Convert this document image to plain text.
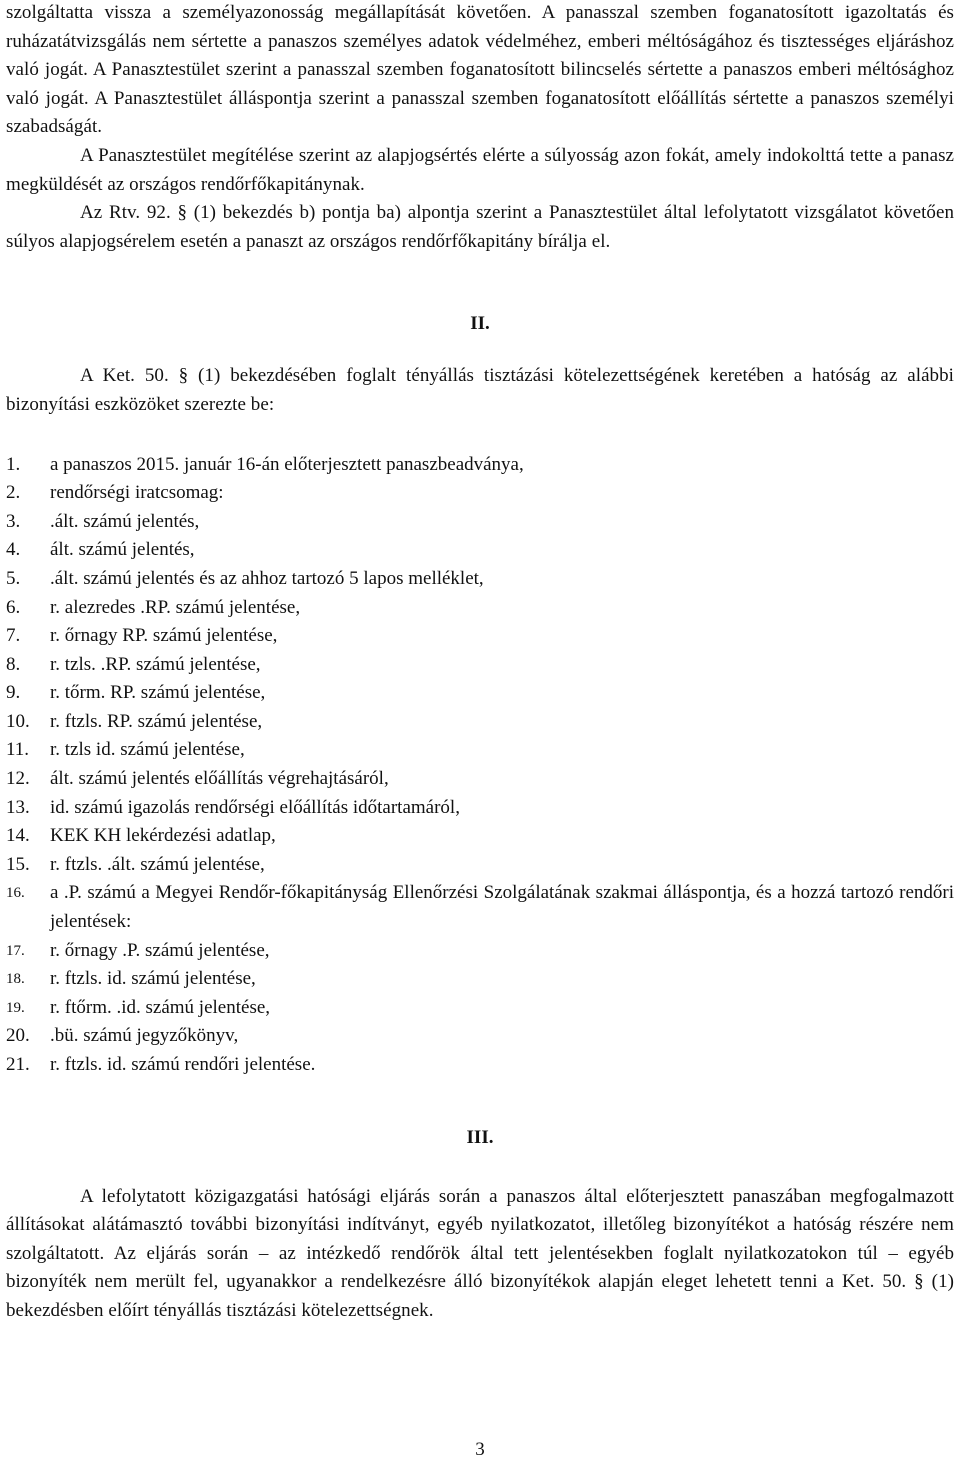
szolgáltatta vissza a személyazonosság megállapítását követően. A panasszal szemben foganatosított igazoltatás és ruházatátvizsgálás nem sértette a panaszos személyes adatok védelméhez, emberi méltóságához és tisztességes eljáráshoz való jogát. A Panasztestület szerint a panasszal szemben foganatosított bilincselés sértette a panaszos emberi méltósághoz való jogát. A Panasztestület álláspontja szerint a panasszal szemben foganatosított előállítás sértette a panaszos személyi szabadságát.

A Panasztestület megítélése szerint az alapjogsértés elérte a súlyosság azon fokát, amely indokolttá tette a panasz megküldését az országos rendőrfőkapitánynak.

Az Rtv. 92. § (1) bekezdés b) pontja ba) alpontja szerint a Panasztestület által lefolytatott vizsgálatot követően súlyos alapjogsérelem esetén a panaszt az országos rendőrfőkapitány bírálja el.

II.

A Ket. 50. § (1) bekezdésében foglalt tényállás tisztázási kötelezettségének keretében a hatóság az alábbi bizonyítási eszközöket szerezte be:

1. a panaszos 2015. január 16-án előterjesztett panaszbeadványa,
2. rendőrségi iratcsomag:
3. .ált. számú jelentés,
4. ált. számú jelentés,
5. .ált. számú jelentés és az ahhoz tartozó 5 lapos melléklet,
6. r. alezredes .RP. számú jelentése,
7. r. őrnagy RP. számú jelentése,
8. r. tzls. .RP. számú jelentése,
9. r. tőrm. RP. számú jelentése,
10. r. ftzls. RP. számú jelentése,
11. r. tzls id. számú jelentése,
12. ált. számú jelentés előállítás végrehajtásáról,
13. id. számú igazolás rendőrségi előállítás időtartamáról,
14. KEK KH lekérdezési adatlap,
15. r. ftzls. .ált. számú jelentése,
16. a .P. számú a Megyei Rendőr-főkapitányság Ellenőrzési Szolgálatának szakmai álláspontja, és a hozzá tartozó rendőri jelentések:
17. r. őrnagy .P. számú jelentése,
18. r. ftzls. id. számú jelentése,
19. r. ftőrm. .id. számú jelentése,
20. .bü. számú jegyzőkönyv,
21. r. ftzls. id. számú rendőri jelentése.

III.

A lefolytatott közigazgatási hatósági eljárás során a panaszos által előterjesztett panaszában megfogalmazott állításokat alátámasztó további bizonyítási indítványt, egyéb nyilatkozatot, illetőleg bizonyítékot a hatóság részére nem szolgáltatott. Az eljárás során – az intézkedő rendőrök által tett jelentésekben foglalt nyilatkozatokon túl – egyéb bizonyíték nem merült fel, ugyanakkor a rendelkezésre álló bizonyítékok alapján eleget lehetett tenni a Ket. 50. § (1) bekezdésben előírt tényállás tisztázási kötelezettségnek.

3
